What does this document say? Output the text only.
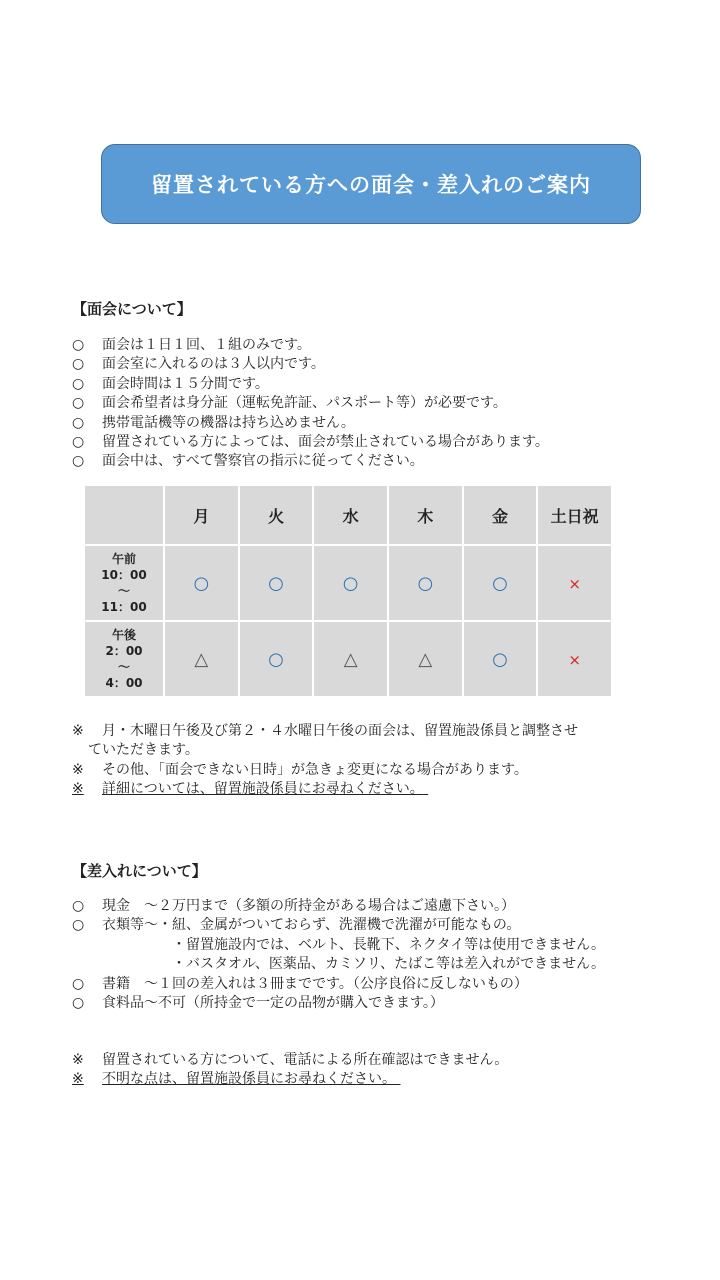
留置されている方への面会・差入れのご案内
【面会について】
○	面会は１日１回、１組のみです。
○	面会室に入れるのは３人以内です。
○	面会時間は１５分間です。
○	面会希望者は身分証（運転免許証、パスポート等）が必要です。
○	携帯電話機等の機器は持ち込めません。
○	留置されている方によっては、面会が禁止されている場合があります。
○	面会中は、すべて警察官の指示に従ってください。
	月	火	水	木	金	土日祝

午前
10：00
～
11：00	○	○	○	○	○	×

午後
2：00
～
4：00	△	○	△	△	○	×
※	月・木曜日午後及び第２・４水曜日午後の面会は、留置施設係員と調整させ
ていただきます。
※	その他、「面会できない日時」が急きょ変更になる場合があります。
※	詳細については、留置施設係員にお尋ねください。

【差入れについて】
○	現金　～２万円まで（多額の所持金がある場合はご遠慮下さい。）
○	衣類等～・紐、金属がついておらず、洗濯機で洗濯が可能なもの。
・留置施設内では、ベルト、長靴下、ネクタイ等は使用できません。
・バスタオル、医薬品、カミソリ、たばこ等は差入れができません。
○	書籍　～１回の差入れは３冊までです。（公序良俗に反しないもの）
○	食料品～不可（所持金で一定の品物が購入できます。）
※	留置されている方について、電話による所在確認はできません。
※	不明な点は、留置施設係員にお尋ねください。
